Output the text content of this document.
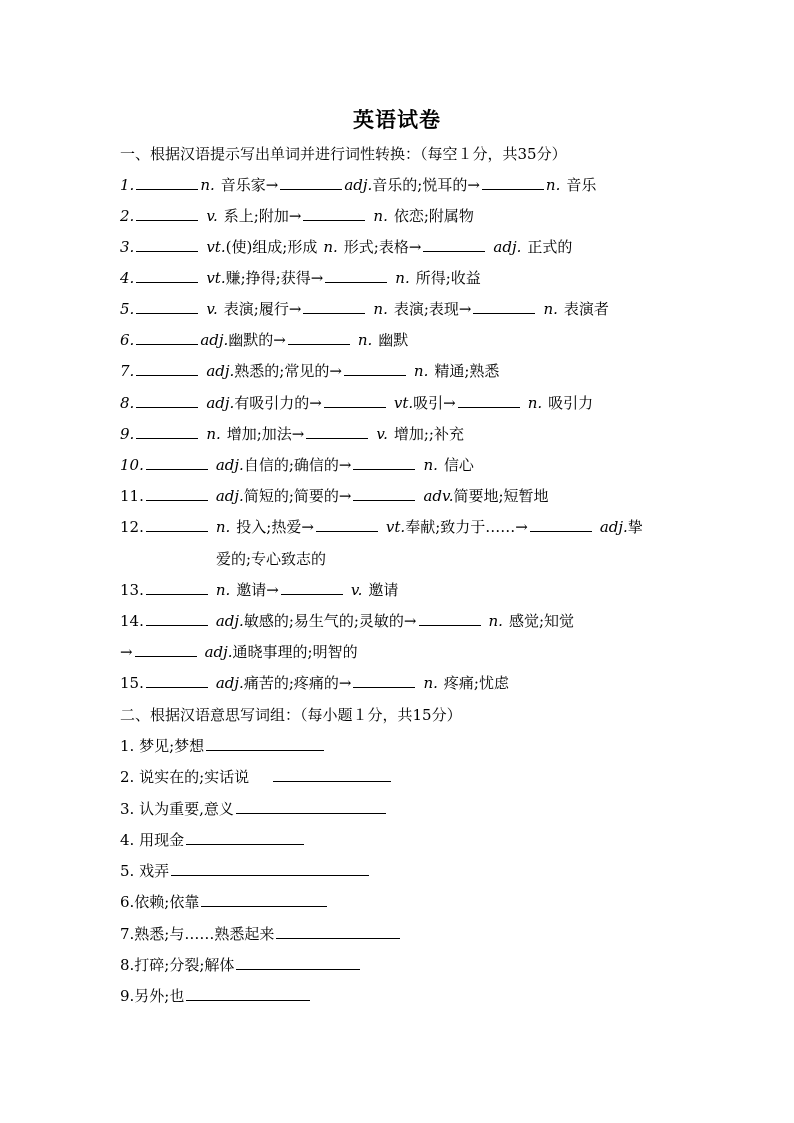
英语试卷
一、根据汉语提示写出单词并进行词性转换：（每空１分，共35分）
1.	n. 音乐家→	adj.音乐的;悦耳的→	n. 音乐
2.	v. 系上;附加→	n. 依恋;附属物
3.	vt.(使)组成;形成 n. 形式;表格→	adj. 正式的
4.	vt.赚;挣得;获得→	n. 所得;收益
5.	v. 表演;履行→	n. 表演;表现→	n. 表演者
6.	adj.幽默的→	n. 幽默
7.	adj.熟悉的;常见的→	n. 精通;熟悉
8.	adj.有吸引力的→	vt.吸引→	n. 吸引力
9.	n. 增加;加法→	v. 增加;;补充
10.	adj.自信的;确信的→	n. 信心
11.	adj.简短的;简要的→	adv.简要地;短暂地
12.	n. 投入;热爱→	vt.奉献;致力于……→	adj.挚
爱的;专心致志的
13.	n. 邀请→	v. 邀请
14.	adj.敏感的;易生气的;灵敏的→	n. 感觉;知觉
→	adj.通晓事理的;明智的
15.	adj.痛苦的;疼痛的→	n. 疼痛;忧虑
二、根据汉语意思写词组：（每小题１分，共15分）
1. 梦见;梦想
2. 说实在的;实话说
3. 认为重要,意义
4. 用现金
5. 戏弄
6.依赖;依靠
7.熟悉;与……熟悉起来
8.打碎;分裂;解体
9.另外;也
